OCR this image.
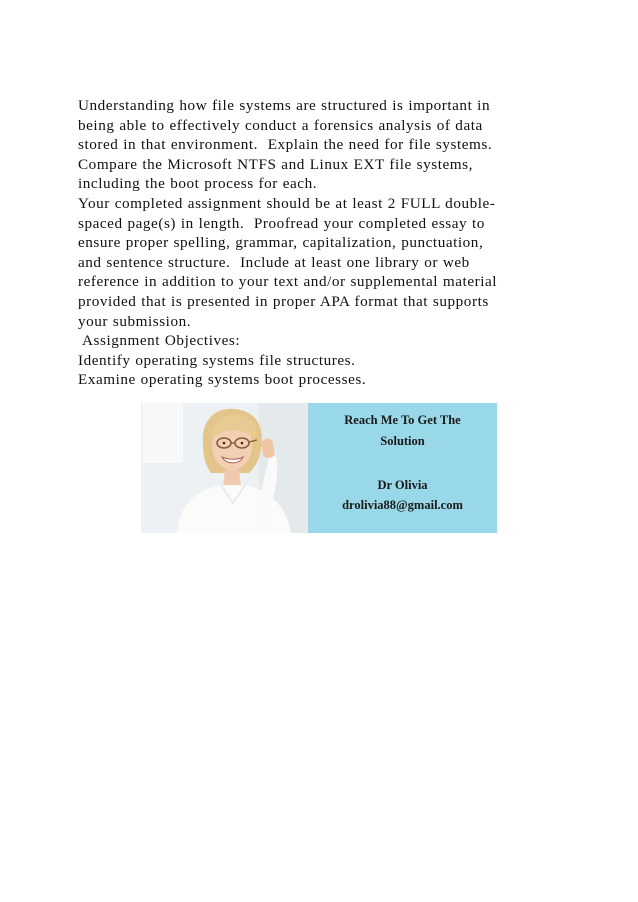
Understanding how file systems are structured is important in
being able to effectively conduct a forensics analysis of data
stored in that environment.  Explain the need for file systems.
Compare the Microsoft NTFS and Linux EXT file systems,
including the boot process for each.
Your completed assignment should be at least 2 FULL double-
spaced page(s) in length.  Proofread your completed essay to
ensure proper spelling, grammar, capitalization, punctuation,
and sentence structure.  Include at least one library or web
reference in addition to your text and/or supplemental material
provided that is presented in proper APA format that supports
your submission.
Assignment Objectives:
Identify operating systems file structures.
Examine operating systems boot processes.
Reach Me To Get The
Solution
Dr Olivia
drolivia88@gmail.com
